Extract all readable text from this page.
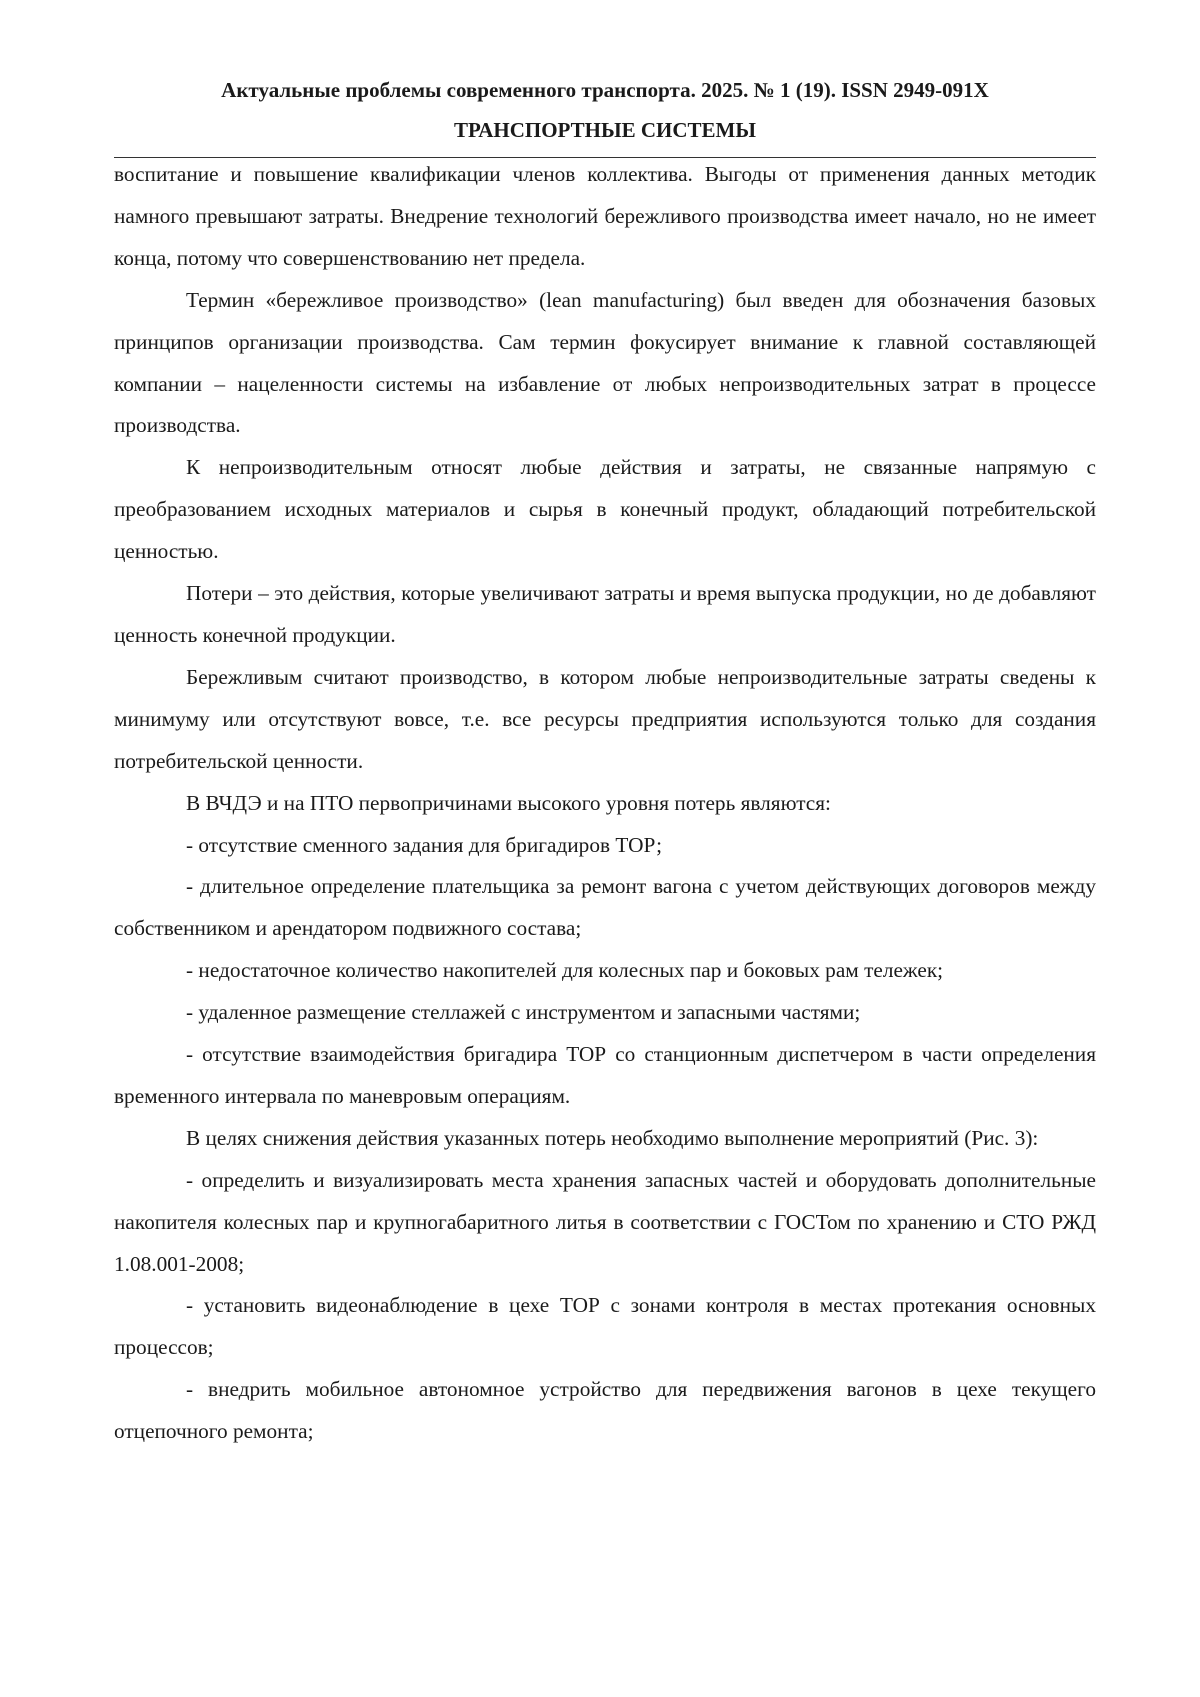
Актуальные проблемы современного транспорта. 2025. № 1 (19). ISSN 2949-091X
ТРАНСПОРТНЫЕ СИСТЕМЫ

воспитание и повышение квалификации членов коллектива. Выгоды от применения данных методик намного превышают затраты. Внедрение технологий бережливого производства имеет начало, но не имеет конца, потому что совершенствованию нет предела.

Термин «бережливое производство» (lean manufacturing) был введен для обозначения базовых принципов организации производства. Сам термин фокусирует внимание к главной составляющей компании – нацеленности системы на избавление от любых непроизводительных затрат в процессе производства.

К непроизводительным относят любые действия и затраты, не связанные напрямую с преобразованием исходных материалов и сырья в конечный продукт, обладающий потребительской ценностью.

Потери – это действия, которые увеличивают затраты и время выпуска продукции, но де добавляют ценность конечной продукции.

Бережливым считают производство, в котором любые непроизводительные затраты сведены к минимуму или отсутствуют вовсе, т.е. все ресурсы предприятия используются только для создания потребительской ценности.

В ВЧДЭ и на ПТО первопричинами высокого уровня потерь являются:

- отсутствие сменного задания для бригадиров ТОР;

- длительное определение плательщика за ремонт вагона с учетом действующих договоров между собственником и арендатором подвижного состава;

- недостаточное количество накопителей для колесных пар и боковых рам тележек;

- удаленное размещение стеллажей с инструментом и запасными частями;

- отсутствие взаимодействия бригадира ТОР со станционным диспетчером в части определения временного интервала по маневровым операциям.

В целях снижения действия указанных потерь необходимо выполнение мероприятий (Рис. 3):

- определить и визуализировать места хранения запасных частей и оборудовать дополнительные накопителя колесных пар и крупногабаритного литья в соответствии с ГОСТом по хранению и СТО РЖД 1.08.001-2008;

- установить видеонаблюдение в цехе ТОР с зонами контроля в местах протекания основных процессов;

- внедрить мобильное автономное устройство для передвижения вагонов в цехе текущего отцепочного ремонта;
